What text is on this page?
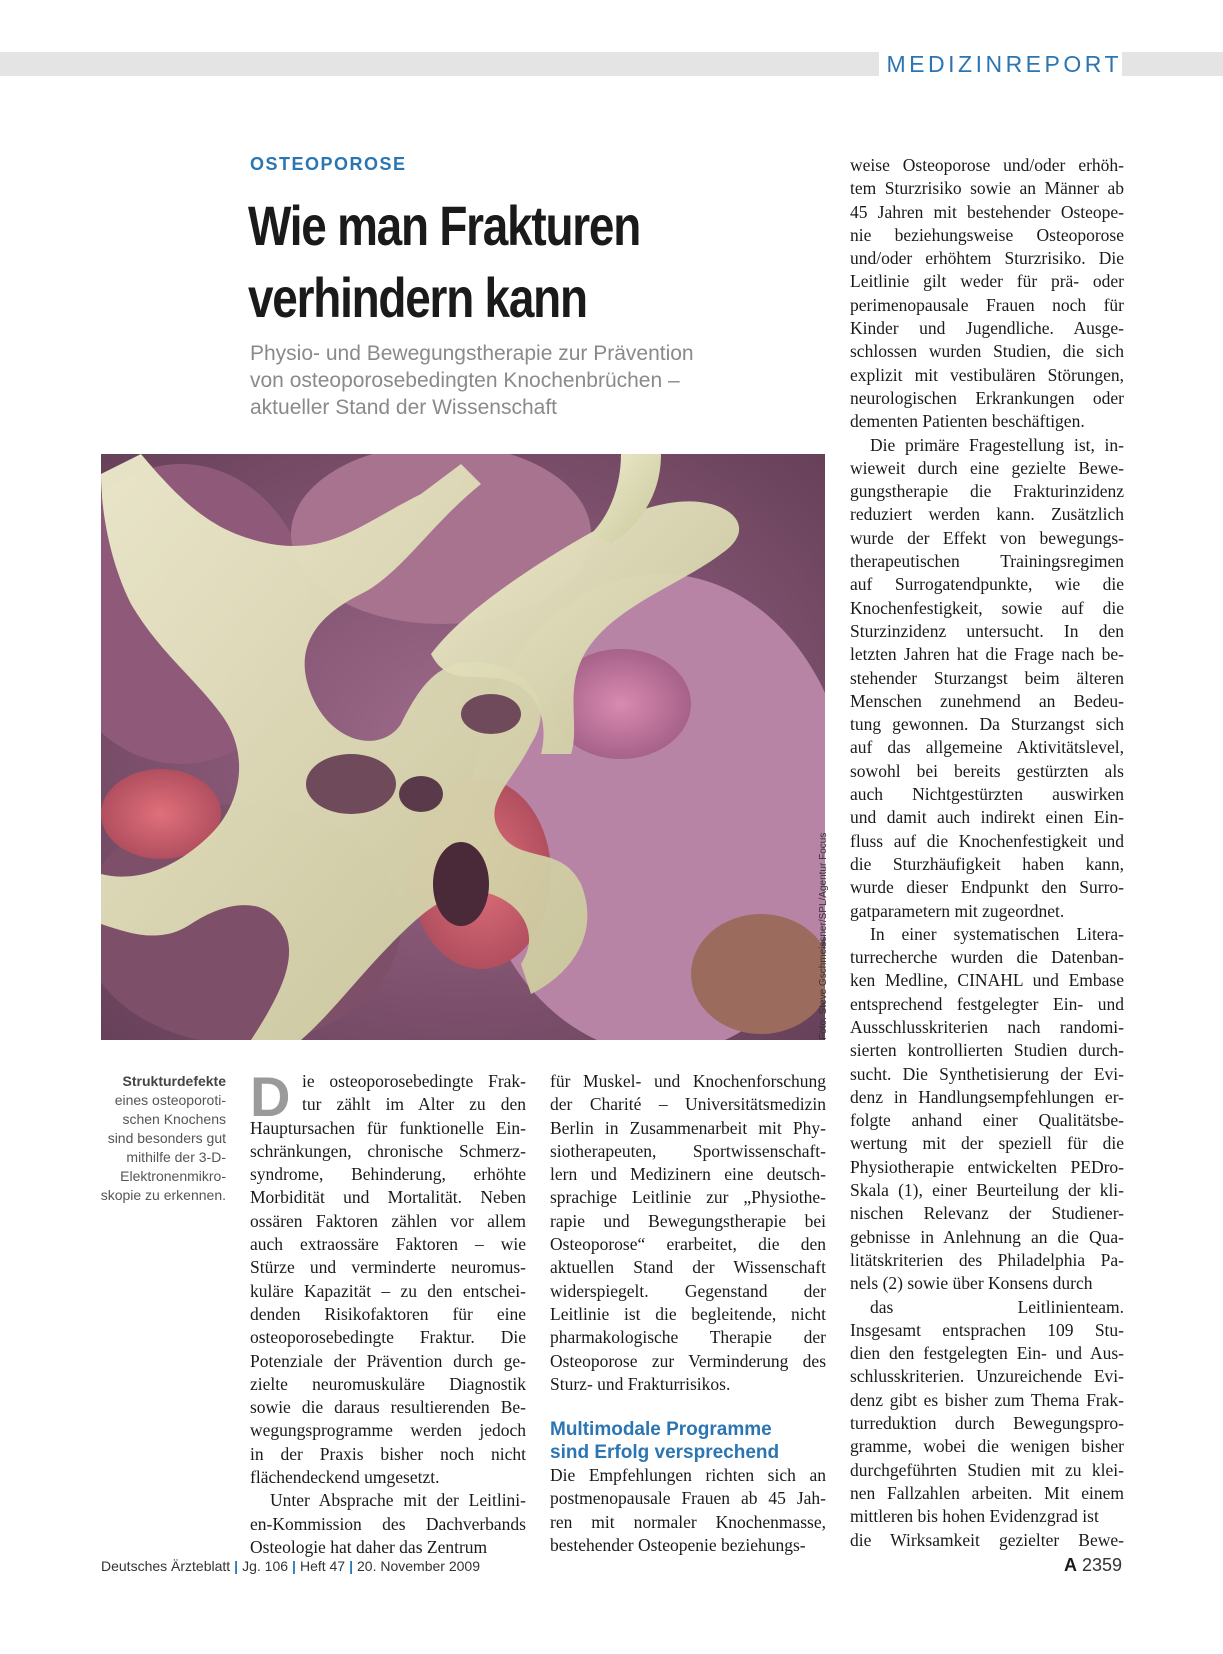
MEDIZINREPORT
OSTEOPOROSE
Wie man Frakturen
verhindern kann
Physio- und Bewegungstherapie zur Prävention
von osteoporosebedingten Knochenbrüchen –
aktueller Stand der Wissenschaft
Foto: Steve Gschmeissner/SPL/Agentur Focus
Strukturdefekte
eines osteoporoti-
schen Knochens
sind besonders gut
mithilfe der 3-D-
Elektronenmikro-
skopie zu erkennen.
D ie osteoporosebedingte Frak-
tur zählt im Alter zu den
Hauptursachen für funktionelle Ein-
schränkungen, chronische Schmerz-
syndrome, Behinderung, erhöhte
Morbidität und Mortalität. Neben
ossären Faktoren zählen vor allem
auch extraossäre Faktoren – wie
Stürze und verminderte neuromus-
kuläre Kapazität – zu den entschei-
denden Risikofaktoren für eine
osteoporosebedingte Fraktur. Die
Potenziale der Prävention durch ge-
zielte neuromuskuläre Diagnostik
sowie die daraus resultierenden Be-
wegungsprogramme werden jedoch
in der Praxis bisher noch nicht
flächendeckend umgesetzt.
Unter Absprache mit der Leitlini-
en-Kommission des Dachverbands
Osteologie hat daher das Zentrum
für Muskel- und Knochenforschung
der Charité – Universitätsmedizin
Berlin in Zusammenarbeit mit Phy-
siotherapeuten, Sportwissenschaft-
lern und Medizinern eine deutsch-
sprachige Leitlinie zur „Physiothe-
rapie und Bewegungstherapie bei
Osteoporose“ erarbeitet, die den
aktuellen Stand der Wissenschaft
widerspiegelt. Gegenstand der
Leitlinie ist die begleitende, nicht
pharmakologische Therapie der
Osteoporose zur Verminderung des
Sturz- und Frakturrisikos.
Multimodale Programme
sind Erfolg versprechend
Die Empfehlungen richten sich an
postmenopausale Frauen ab 45 Jah-
ren mit normaler Knochenmasse,
bestehender Osteopenie beziehungs-
weise Osteoporose und/oder erhöh-
tem Sturzrisiko sowie an Männer ab
45 Jahren mit bestehender Osteope-
nie beziehungsweise Osteoporose
und/oder erhöhtem Sturzrisiko. Die
Leitlinie gilt weder für prä- oder
perimenopausale Frauen noch für
Kinder und Jugendliche. Ausge-
schlossen wurden Studien, die sich
explizit mit vestibulären Störungen,
neurologischen Erkrankungen oder
dementen Patienten beschäftigen.
Die primäre Fragestellung ist, in-
wieweit durch eine gezielte Bewe-
gungstherapie die Frakturinzidenz
reduziert werden kann. Zusätzlich
wurde der Effekt von bewegungs-
therapeutischen Trainingsregimen
auf Surrogatendpunkte, wie die
Knochenfestigkeit, sowie auf die
Sturzinzidenz untersucht. In den
letzten Jahren hat die Frage nach be-
stehender Sturzangst beim älteren
Menschen zunehmend an Bedeu-
tung gewonnen. Da Sturzangst sich
auf das allgemeine Aktivitätslevel,
sowohl bei bereits gestürzten als
auch Nichtgestürzten auswirken
und damit auch indirekt einen Ein-
fluss auf die Knochenfestigkeit und
die Sturzhäufigkeit haben kann,
wurde dieser Endpunkt den Surro-
gatparametern mit zugeordnet.
In einer systematischen Litera-
turrecherche wurden die Datenban-
ken Medline, CINAHL und Embase
entsprechend festgelegter Ein- und
Ausschlusskriterien nach randomi-
sierten kontrollierten Studien durch-
sucht. Die Synthetisierung der Evi-
denz in Handlungsempfehlungen er-
folgte anhand einer Qualitätsbe-
wertung mit der speziell für die
Physiotherapie entwickelten PEDro-
Skala (1), einer Beurteilung der kli-
nischen Relevanz der Studiener-
gebnisse in Anlehnung an die Qua-
litätskriterien des Philadelphia Pa-
nels (2) sowie über Konsens durch
das Leitlinienteam.
Insgesamt entsprachen 109 Stu-
dien den festgelegten Ein- und Aus-
schlusskriterien. Unzureichende Evi-
denz gibt es bisher zum Thema Frak-
turreduktion durch Bewegungspro-
gramme, wobei die wenigen bisher
durchgeführten Studien mit zu klei-
nen Fallzahlen arbeiten. Mit einem
mittleren bis hohen Evidenzgrad ist
die Wirksamkeit gezielter Bewe-
Deutsches Ärzteblatt | Jg. 106 | Heft 47 | 20. November 2009	A 2359
